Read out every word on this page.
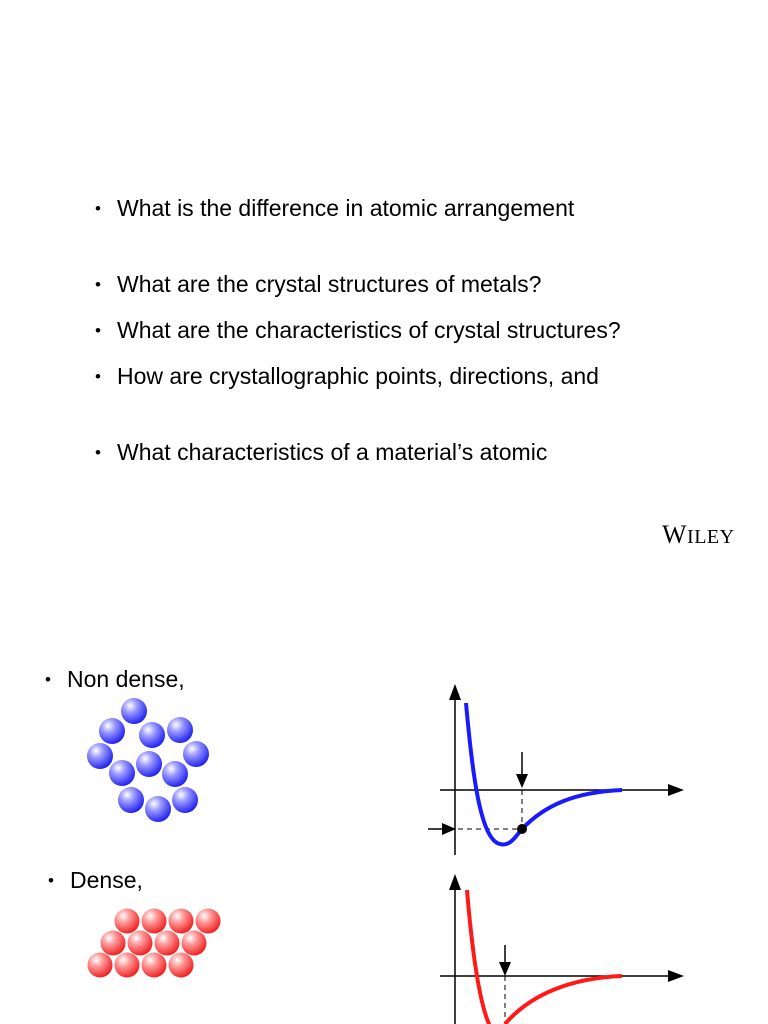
• What is the difference in atomic arrangement
• What are the crystal structures of metals?
• What are the characteristics of crystal structures?
• How are crystallographic points, directions, and
• What characteristics of a material’s atomic
WILEY
• Non dense,
• Dense,
